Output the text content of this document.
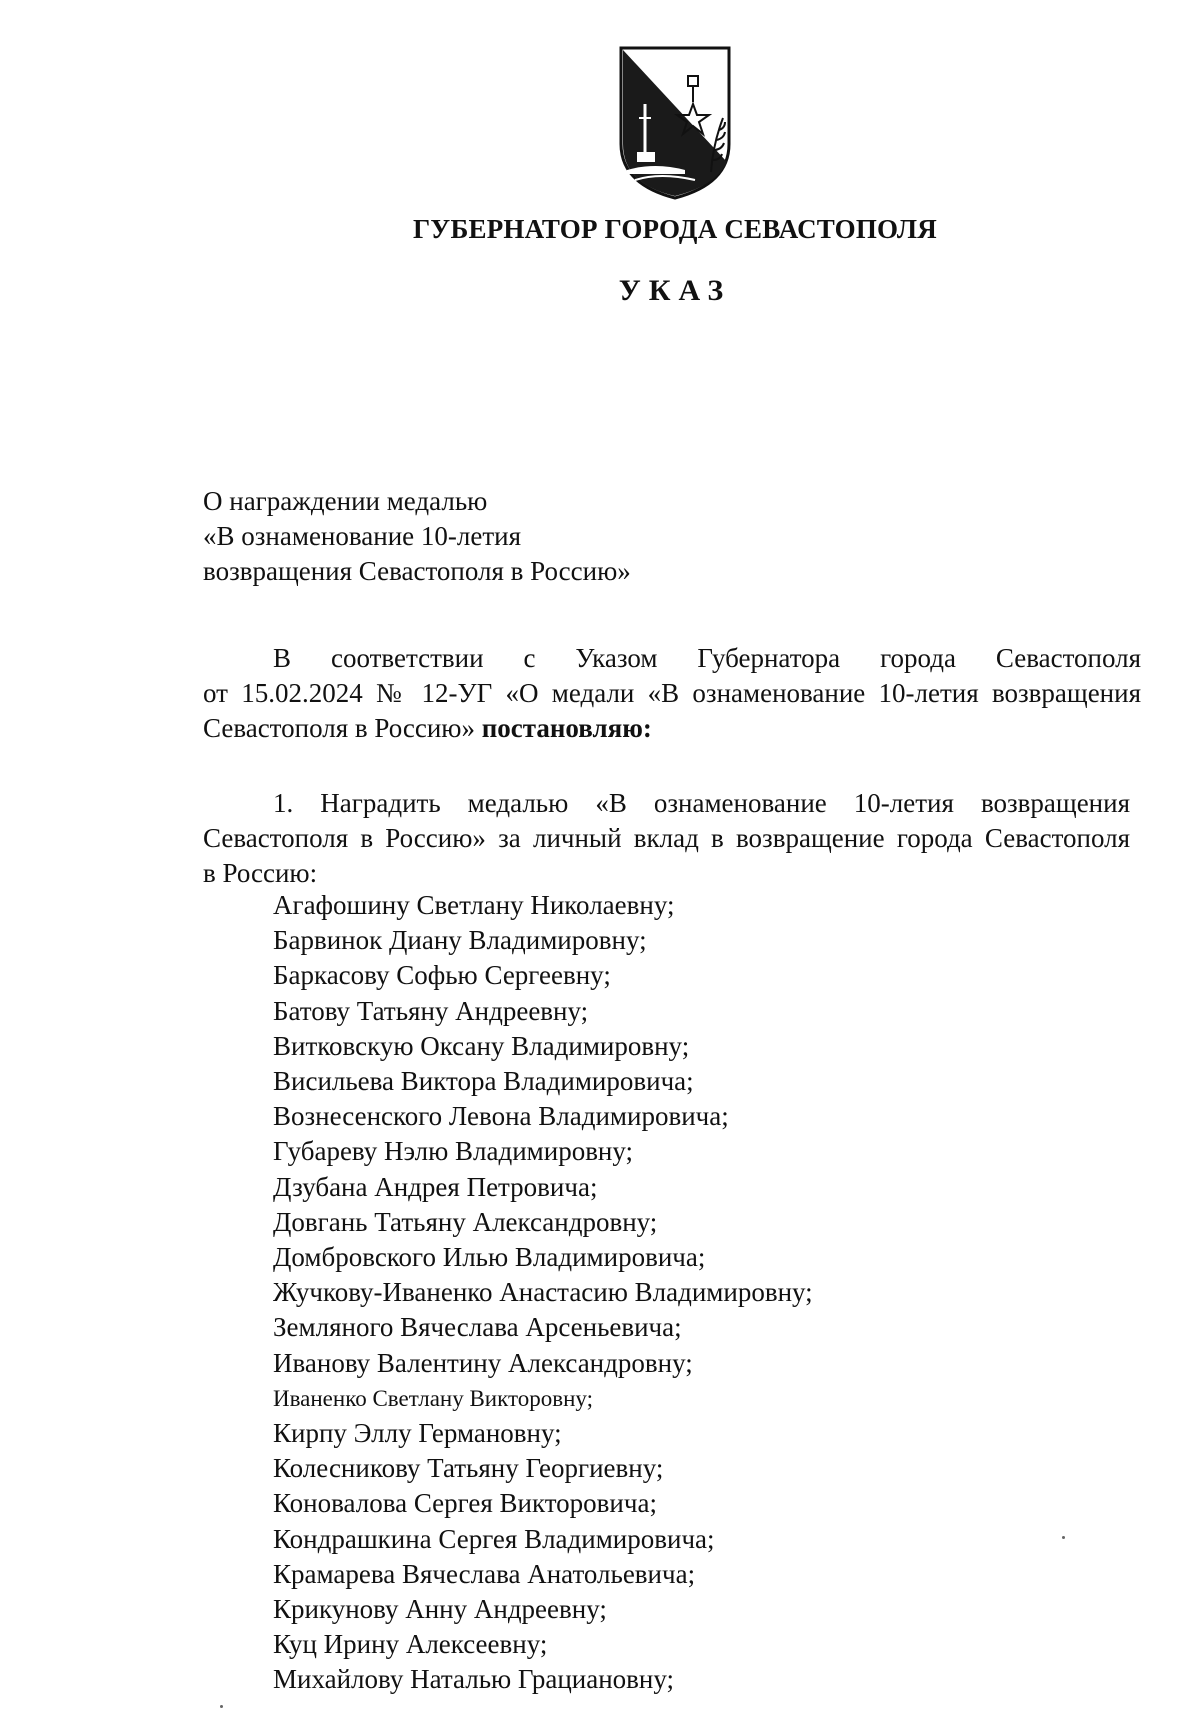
ГУБЕРНАТОР ГОРОДА СЕВАСТОПОЛЯ
УКАЗ
О награждении медалью
«В ознаменование 10-летия
возвращения Севастополя в Россию»
В соответствии с Указом Губернатора города Севастополя
от 15.02.2024 № 12-УГ «О медали «В ознаменование 10-летия возвращения
Севастополя в Россию» постановляю:
1. Наградить медалью «В ознаменование 10-летия возвращения
Севастополя в Россию» за личный вклад в возвращение города Севастополя
в Россию:
Агафошину Светлану Николаевну;
Барвинок Диану Владимировну;
Баркасову Софью Сергеевну;
Батову Татьяну Андреевну;
Витковскую Оксану Владимировну;
Висильева Виктора Владимировича;
Вознесенского Левона Владимировича;
Губареву Нэлю Владимировну;
Дзубана Андрея Петровича;
Довгань Татьяну Александровну;
Домбровского Илью Владимировича;
Жучкову-Иваненко Анастасию Владимировну;
Земляного Вячеслава Арсеньевича;
Иванову Валентину Александровну;
Иваненко Светлану Викторовну;
Кирпу Эллу Германовну;
Колесникову Татьяну Георгиевну;
Коновалова Сергея Викторовича;
Кондрашкина Сергея Владимировича;
Крамарева Вячеслава Анатольевича;
Крикунову Анну Андреевну;
Куц Ирину Алексеевну;
Михайлову Наталью Грациановну;
